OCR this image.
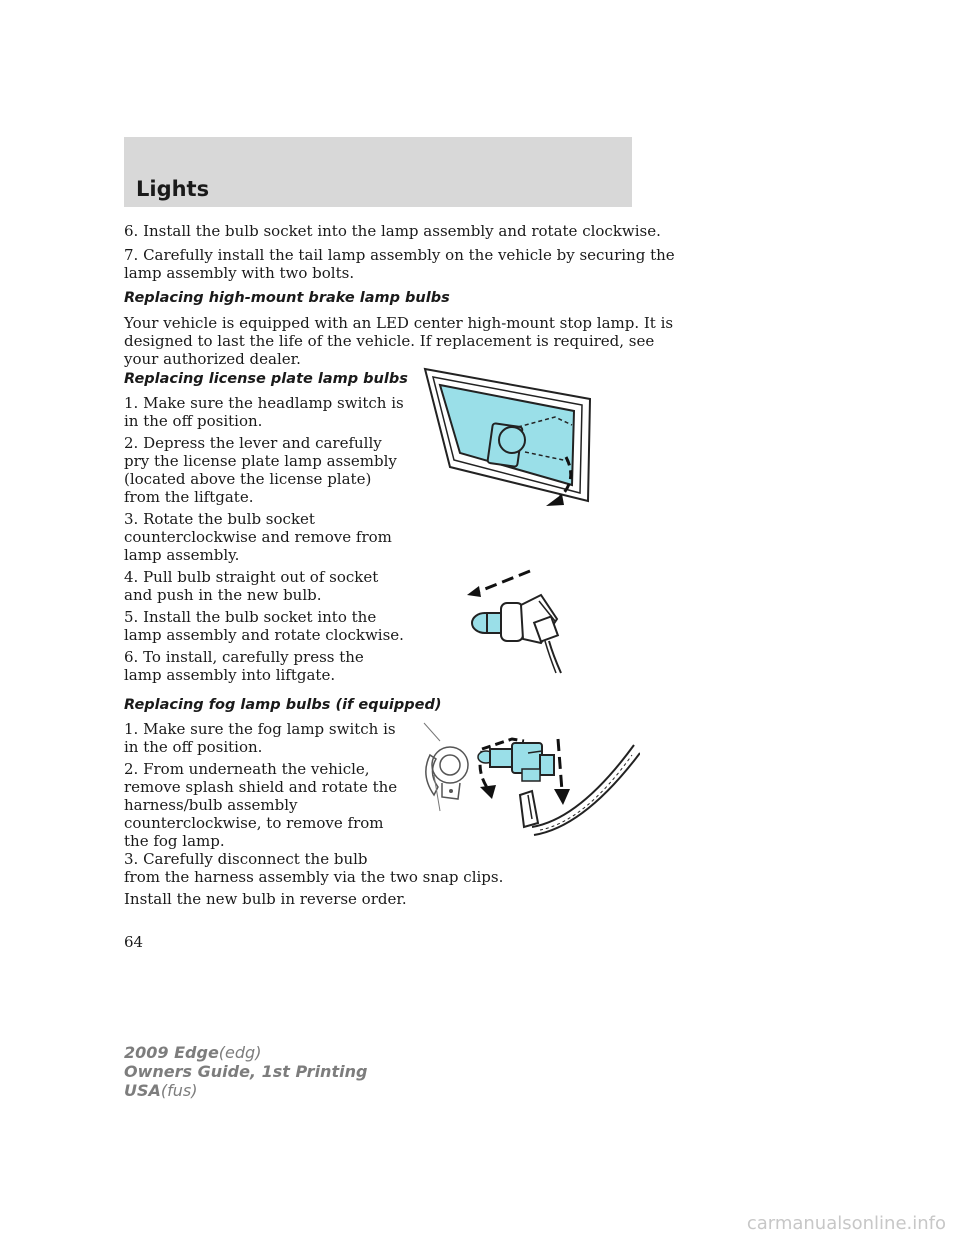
Lights

6. Install the bulb socket into the lamp assembly and rotate clockwise.

7. Carefully install the tail lamp assembly on the vehicle by securing the
lamp assembly with two bolts.

Replacing high-mount brake lamp bulbs

Your vehicle is equipped with an LED center high-mount stop lamp. It is
designed to last the life of the vehicle. If replacement is required, see
your authorized dealer.

Replacing license plate lamp bulbs

1. Make sure the headlamp switch is
in the off position.

2. Depress the lever and carefully
pry the license plate lamp assembly
(located above the license plate)
from the liftgate.

3. Rotate the bulb socket
counterclockwise and remove from
lamp assembly.

4. Pull bulb straight out of socket
and push in the new bulb.

5. Install the bulb socket into the
lamp assembly and rotate clockwise.

6. To install, carefully press the
lamp assembly into liftgate.

Replacing fog lamp bulbs (if equipped)

1. Make sure the fog lamp switch is
in the off position.

2. From underneath the vehicle,
remove splash shield and rotate the
harness/bulb assembly
counterclockwise, to remove from
the fog lamp.

3. Carefully disconnect the bulb
from the harness assembly via the two snap clips.

Install the new bulb in reverse order.

64
2009 Edge(edg)
Owners Guide, 1st Printing
USA(fus)
carmanualsonline.info
